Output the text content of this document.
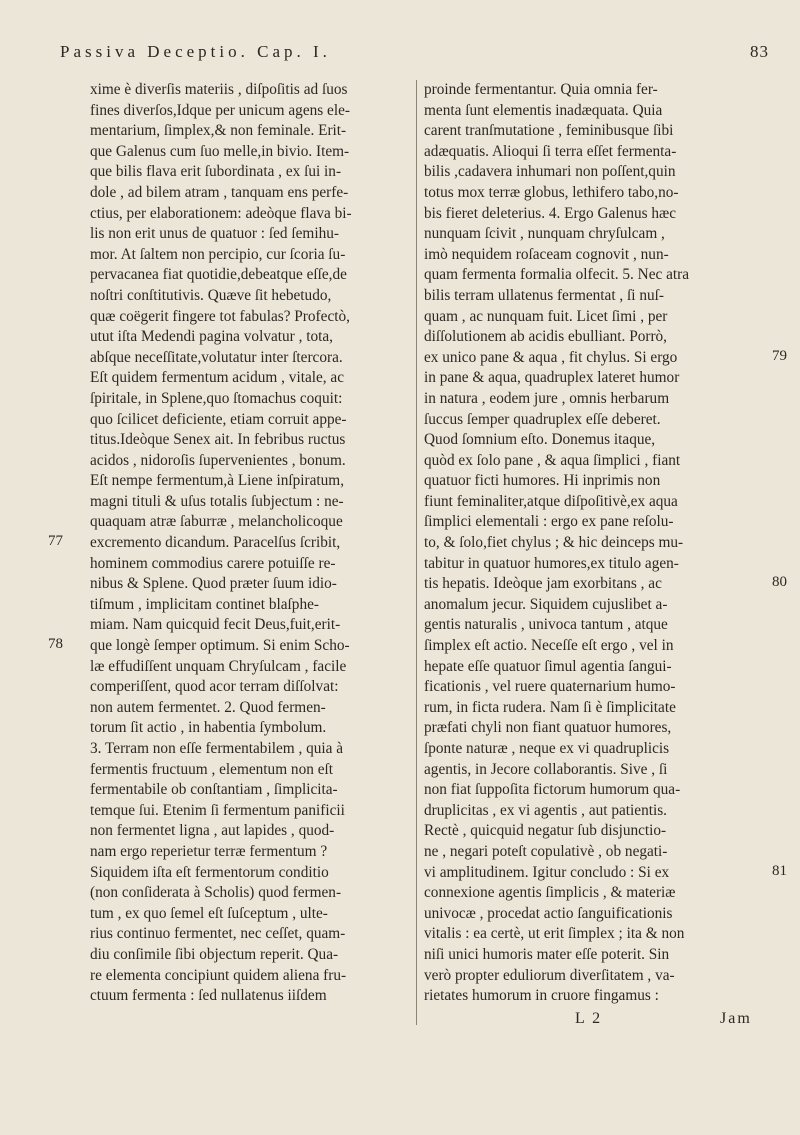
Passiva Deceptio. Cap. I.	83
xime è diverſis materiis , diſpoſitis ad ſuos
fines diverſos,Idque per unicum agens ele-
mentarium, ſimplex,& non feminale. Erit-
que Galenus cum ſuo melle,in bivio. Item-
que bilis flava erit ſubordinata , ex ſui in-
dole , ad bilem atram , tanquam ens perfe-
ctius, per elaborationem: adeòque flava bi-
lis non erit unus de quatuor : ſed ſemihu-
mor. At ſaltem non percipio, cur ſcoria ſu-
pervacanea fiat quotidie,debeatque eſſe,de
noſtri conſtitutivis. Quæve ſit hebetudo,
quæ coëgerit fingere tot fabulas? Profectò,
utut iſta Medendi pagina volvatur , tota,
abſque neceſſitate,volutatur inter ſtercora.
Eſt quidem fermentum acidum , vitale, ac
ſpiritale, in Splene,quo ſtomachus coquit:
quo ſcilicet deficiente, etiam corruit appe-
titus.Ideòque Senex ait. In febribus ructus
acidos , nidoroſis ſupervenientes , bonum.
Eſt nempe fermentum,à Liene inſpiratum,
magni tituli & uſus totalis ſubjectum : ne-
quaquam atræ ſaburræ , melancholicoque
excremento dicandum. Paracelſus ſcribit,
hominem commodius carere potuiſſe re-
nibus & Splene. Quod præter ſuum idio-
tiſmum , implicitam continet blaſphe-
miam. Nam quicquid fecit Deus,fuit,erit-
que longè ſemper optimum. Si enim Scho-
læ effudiſſent unquam Chryſulcam , facile
comperiſſent, quod acor terram diſſolvat:
non autem fermentet. 2. Quod fermen-
torum ſit actio , in habentia ſymbolum.
3. Terram non eſſe fermentabilem , quia à
fermentis fructuum , elementum non eſt
fermentabile ob conſtantiam , ſimplicita-
temque ſui. Etenim ſi fermentum panificii
non fermentet ligna , aut lapides , quod-
nam ergo reperietur terræ fermentum ?
Siquidem iſta eſt fermentorum conditio
(non conſiderata à Scholis) quod fermen-
tum , ex quo ſemel eſt ſuſceptum , ulte-
rius continuo fermentet, nec ceſſet, quam-
diu conſimile ſibi objectum reperit. Qua-
re elementa concipiunt quidem aliena fru-
ctuum fermenta : ſed nullatenus iiſdem
proinde fermentantur. Quia omnia fer-
menta ſunt elementis inadæquata. Quia
carent tranſmutatione , feminibusque ſibi
adæquatis. Alioqui ſi terra eſſet fermenta-
bilis ,cadavera inhumari non poſſent,quin
totus mox terræ globus, lethifero tabo,no-
bis fieret deleterius. 4. Ergo Galenus hæc
nunquam ſcivit , nunquam chryſulcam ,
imò nequidem roſaceam cognovit , nun-
quam fermenta formalia olfecit. 5. Nec atra
bilis terram ullatenus fermentat , ſi nuſ-
quam , ac nunquam fuit. Licet ſimi , per
diſſolutionem ab acidis ebulliant. Porrò,
ex unico pane & aqua , fit chylus. Si ergo
in pane & aqua, quadruplex lateret humor
in natura , eodem jure , omnis herbarum
ſuccus ſemper quadruplex eſſe deberet.
Quod ſomnium eſto. Donemus itaque,
quòd ex ſolo pane , & aqua ſimplici , fiant
quatuor ficti humores. Hi inprimis non
fiunt feminaliter,atque diſpoſitivè,ex aqua
ſimplici elementali : ergo ex pane reſolu-
to, & ſolo,fiet chylus ; & hic deinceps mu-
tabitur in quatuor humores,ex titulo agen-
tis hepatis. Ideòque jam exorbitans , ac
anomalum jecur. Siquidem cujuslibet a-
gentis naturalis , univoca tantum , atque
ſimplex eſt actio. Neceſſe eſt ergo , vel in
hepate eſſe quatuor ſimul agentia ſangui-
ficationis , vel ruere quaternarium humo-
rum, in ficta rudera. Nam ſi è ſimplicitate
præfati chyli non fiant quatuor humores,
ſponte naturæ , neque ex vi quadruplicis
agentis, in Jecore collaborantis. Sive , ſi
non fiat ſuppoſita fictorum humorum qua-
druplicitas , ex vi agentis , aut patientis.
Rectè , quicquid negatur ſub disjunctio-
ne , negari poteſt copulativè , ob negati-
vi amplitudinem. Igitur concludo : Si ex
connexione agentis ſimplicis , & materiæ
univocæ , procedat actio ſanguificationis
vitalis : ea certè, ut erit ſimplex ; ita & non
niſi unici humoris mater eſſe poterit. Sin
verò propter eduliorum diverſitatem , va-
rietates humorum in cruore fingamus :
77
78
79
80
81
L 2	Jam
